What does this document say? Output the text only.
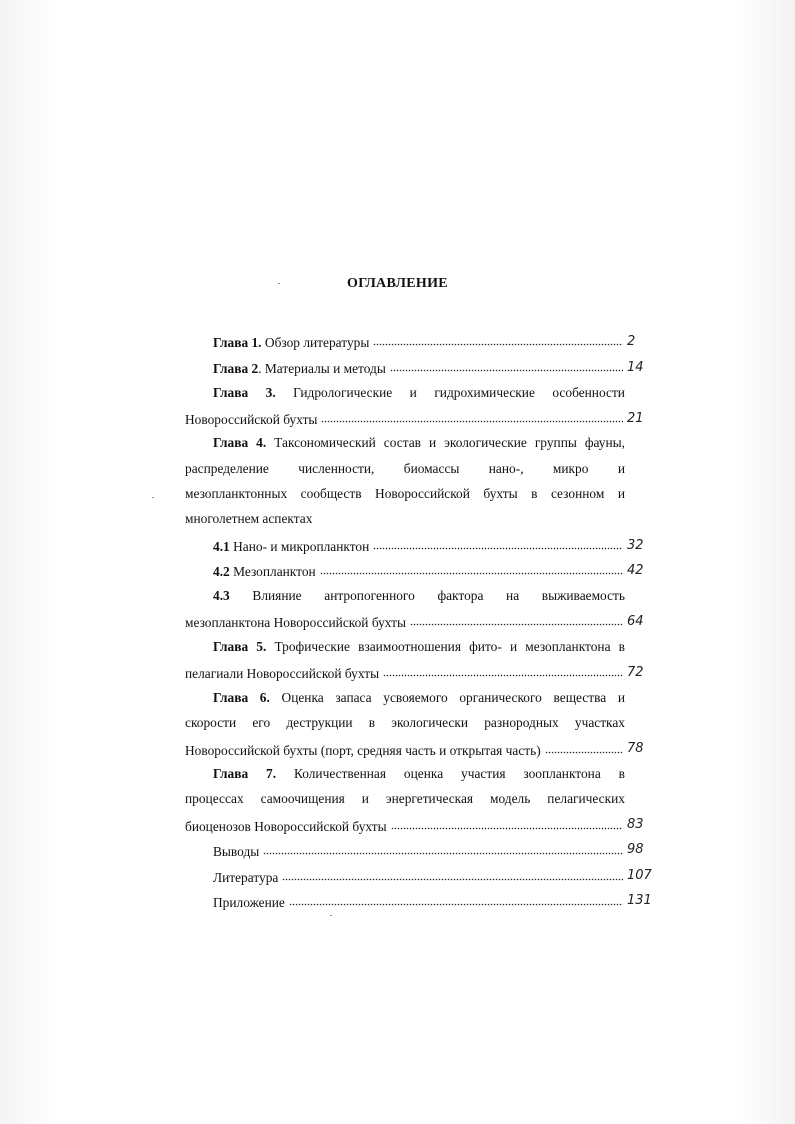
ОГЛАВЛЕНИЕ
Глава 1. Обзор литературы
Глава 2. Материалы и методы
Глава 3. Гидрологические и гидрохимические особенности
Новороссийской бухты
Глава 4. Таксономический состав и экологические группы фауны,
распределение численности, биомассы нано-, микро и
мезопланктонных сообществ Новороссийской бухты в сезонном и
многолетнем аспектах
4.1 Нано- и микропланктон
4.2 Мезопланктон
4.3 Влияние антропогенного фактора на выживаемость
мезопланктона Новороссийской бухты
Глава 5. Трофические взаимоотношения фито- и мезопланктона в
пелагиали Новороссийской бухты
Глава 6. Оценка запаса усвояемого органического вещества и
скорости его деструкции в экологически разнородных участках
Новороссийской бухты (порт, средняя часть и открытая часть)
Глава 7. Количественная оценка участия зоопланктона в
процессах самоочищения и энергетическая модель пелагических
биоценозов Новороссийской бухты
Выводы
Литература
Приложение
2
14
21
32
42
64
72
78
83
98
107
131
